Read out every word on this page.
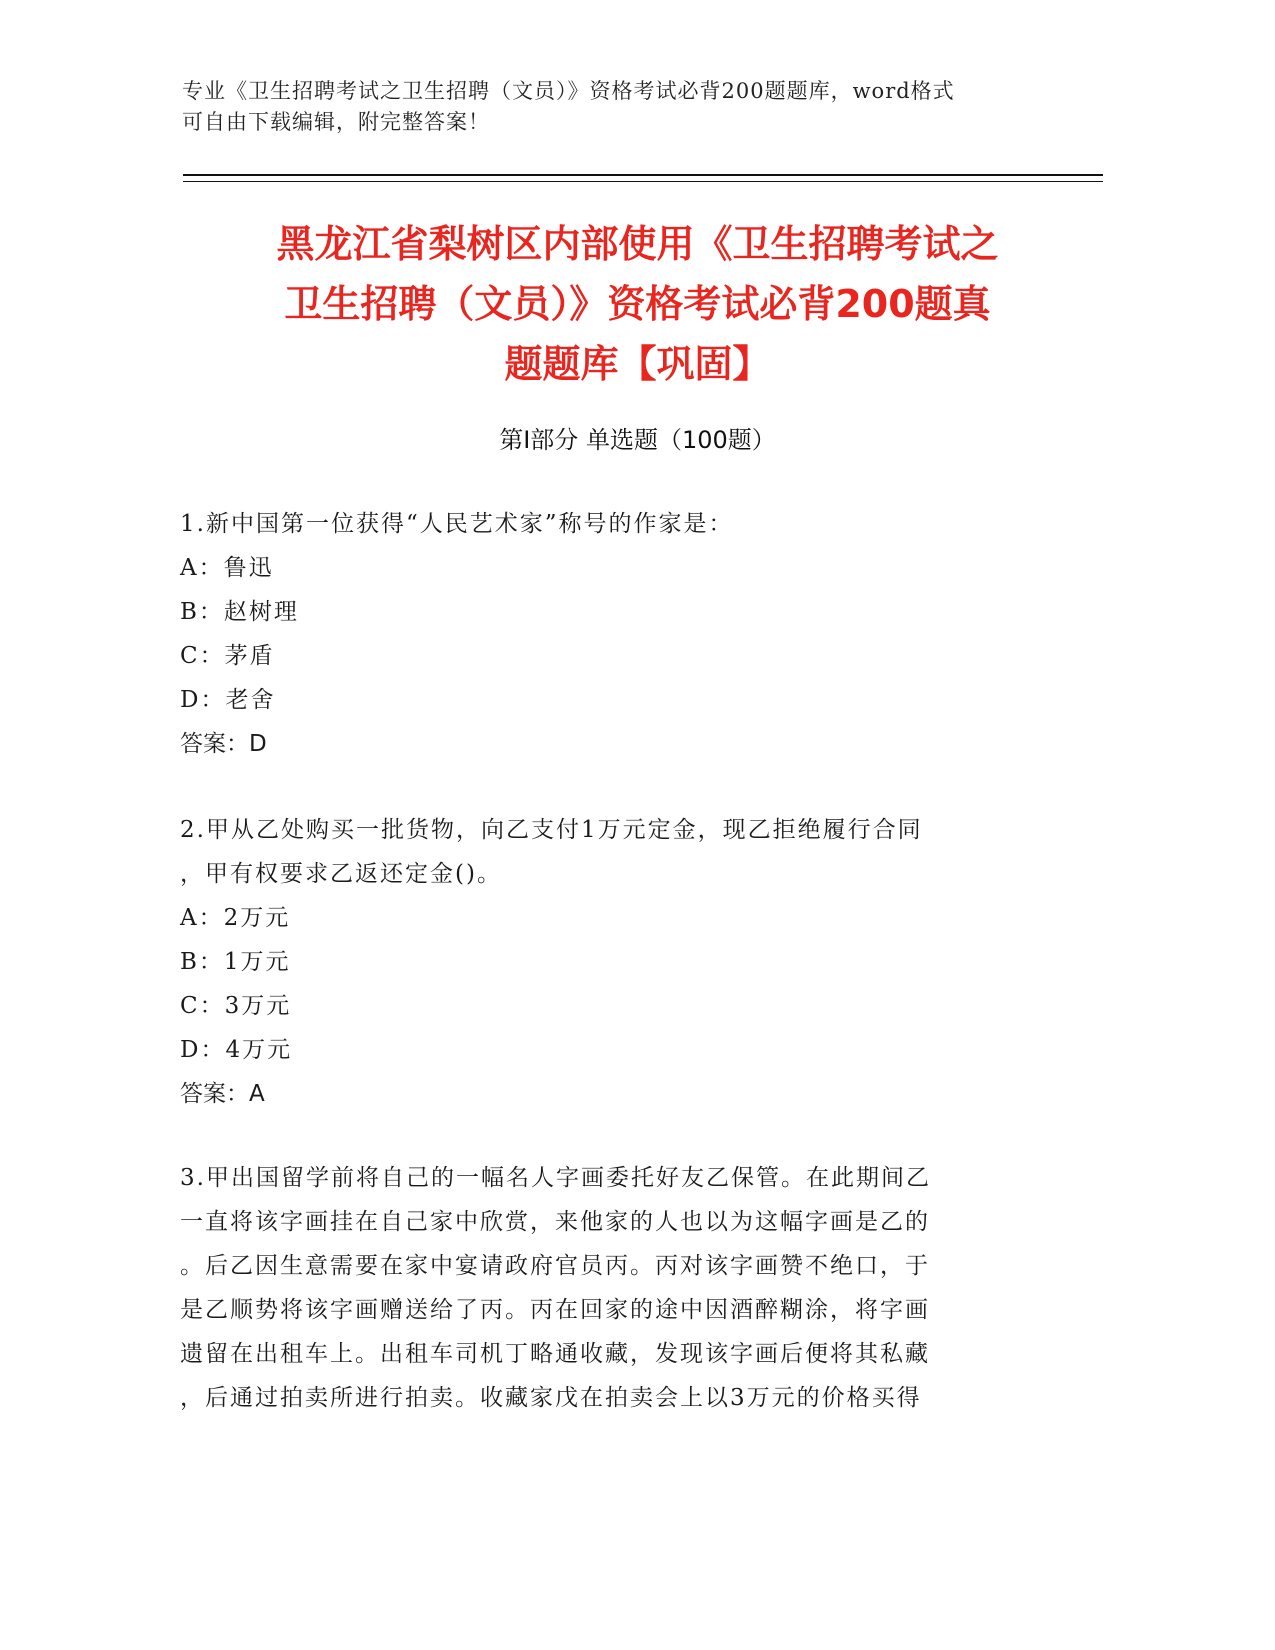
专业《卫生招聘考试之卫生招聘（文员）》资格考试必背200题题库，word格式
可自由下载编辑，附完整答案！
黑龙江省梨树区内部使用《卫生招聘考试之
卫生招聘（文员）》资格考试必背200题真
题题库【巩固】
第Ⅰ部分 单选题（100题）
1.新中国第一位获得“人民艺术家”称号的作家是：
A：鲁迅
B：赵树理
C：茅盾
D：老舍
答案：D
2.甲从乙处购买一批货物，向乙支付1万元定金，现乙拒绝履行合同
，甲有权要求乙返还定金()。
A：2万元
B：1万元
C：3万元
D：4万元
答案：A
3.甲出国留学前将自己的一幅名人字画委托好友乙保管。在此期间乙
一直将该字画挂在自己家中欣赏，来他家的人也以为这幅字画是乙的
。后乙因生意需要在家中宴请政府官员丙。丙对该字画赞不绝口，于
是乙顺势将该字画赠送给了丙。丙在回家的途中因酒醉糊涂，将字画
遗留在出租车上。出租车司机丁略通收藏，发现该字画后便将其私藏
，后通过拍卖所进行拍卖。收藏家戊在拍卖会上以3万元的价格买得
